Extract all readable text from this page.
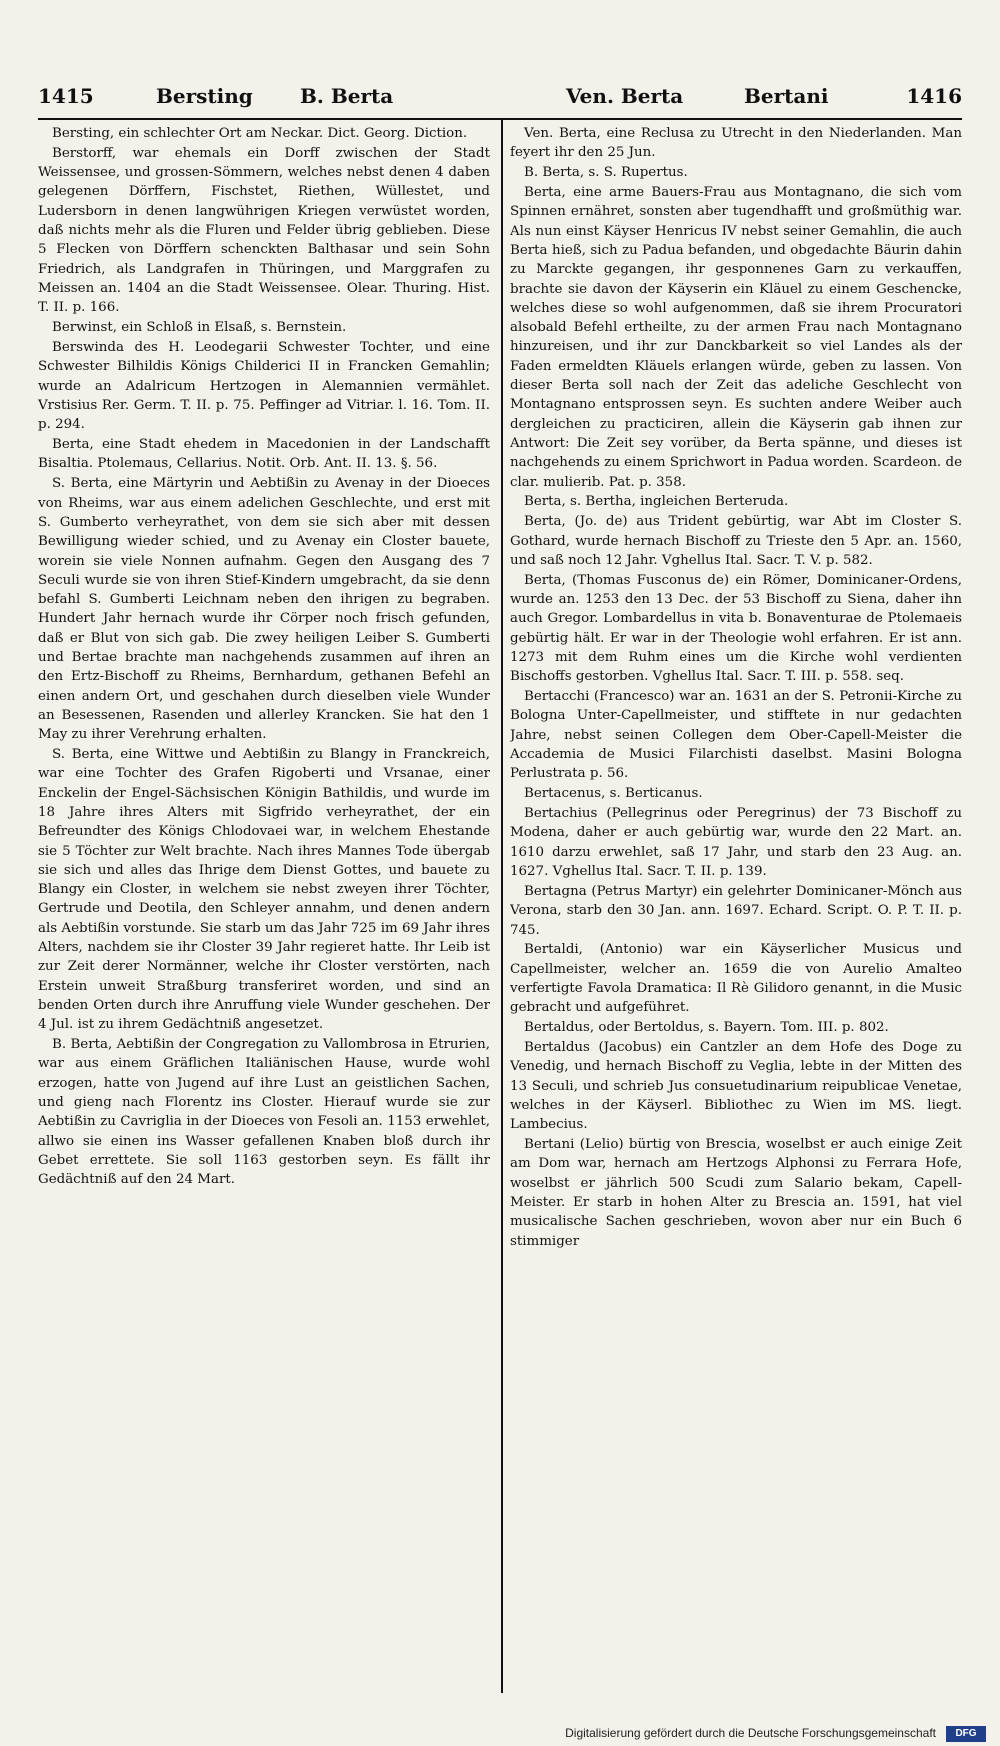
1415	Bersting B. Berta	Ven. Berta	Bertani	1416

Bersting, ein schlechter Ort am Neckar. Dict. Georg. Diction.

Berstorff, war ehemals ein Dorff zwischen der Stadt Weissensee, und grossen-Sömmern, welches nebst denen 4 daben gelegenen Dörffern, Fischstet, Riethen, Wüllestet, und Ludersborn in denen langwührigen Kriegen verwüstet worden, daß nichts mehr als die Fluren und Felder übrig geblieben. Diese 5 Flecken von Dörffern schenckten Balthasar und sein Sohn Friedrich, als Landgrafen in Thüringen, und Marggrafen zu Meissen an. 1404 an die Stadt Weissensee. Olear. Thuring. Hist. T. II. p. 166.

Berwinst, ein Schloß in Elsaß, s. Bernstein.

Berswinda des H. Leodegarii Schwester Tochter, und eine Schwester Bilhildis Königs Childerici II in Francken Gemahlin; wurde an Adalricum Hertzogen in Alemannien vermählet. Vrstisius Rer. Germ. T. II. p. 75. Peffinger ad Vitriar. l. 16. Tom. II. p. 294.

Berta, eine Stadt ehedem in Macedonien in der Landschafft Bisaltia. Ptolemaus, Cellarius. Notit. Orb. Ant. II. 13. §. 56.

S. Berta, eine Märtyrin und Aebtißin zu Avenay in der Dioeces von Rheims, war aus einem adelichen Geschlechte, und erst mit S. Gumberto verheyrathet, von dem sie sich aber mit dessen Bewilligung wieder schied, und zu Avenay ein Closter bauete, worein sie viele Nonnen aufnahm. Gegen den Ausgang des 7 Seculi wurde sie von ihren Stief-Kindern umgebracht, da sie denn befahl S. Gumberti Leichnam neben den ihrigen zu begraben. Hundert Jahr hernach wurde ihr Cörper noch frisch gefunden, daß er Blut von sich gab. Die zwey heiligen Leiber S. Gumberti und Bertae brachte man nachgehends zusammen auf ihren an den Ertz-Bischoff zu Rheims, Bernhardum, gethanen Befehl an einen andern Ort, und geschahen durch dieselben viele Wunder an Besessenen, Rasenden und allerley Krancken. Sie hat den 1 May zu ihrer Verehrung erhalten.

S. Berta, eine Wittwe und Aebtißin zu Blangy in Franckreich, war eine Tochter des Grafen Rigoberti und Vrsanae, einer Enckelin der Engel-Sächsischen Königin Bathildis, und wurde im 18 Jahre ihres Alters mit Sigfrido verheyrathet, der ein Befreundter des Königs Chlodovaei war, in welchem Ehestande sie 5 Töchter zur Welt brachte. Nach ihres Mannes Tode übergab sie sich und alles das Ihrige dem Dienst Gottes, und bauete zu Blangy ein Closter, in welchem sie nebst zweyen ihrer Töchter, Gertrude und Deotila, den Schleyer annahm, und denen andern als Aebtißin vorstunde. Sie starb um das Jahr 725 im 69 Jahr ihres Alters, nachdem sie ihr Closter 39 Jahr regieret hatte. Ihr Leib ist zur Zeit derer Normänner, welche ihr Closter verstörten, nach Erstein unweit Straßburg transferiret worden, und sind an benden Orten durch ihre Anruffung viele Wunder geschehen. Der 4 Jul. ist zu ihrem Gedächtniß angesetzet.

B. Berta, Aebtißin der Congregation zu Vallombrosa in Etrurien, war aus einem Gräflichen Italiänischen Hause, wurde wohl erzogen, hatte von Jugend auf ihre Lust an geistlichen Sachen, und gieng nach Florentz ins Closter. Hierauf wurde sie zur Aebtißin zu Cavriglia in der Dioeces von Fesoli an. 1153 erwehlet, allwo sie einen ins Wasser gefallenen Knaben bloß durch ihr Gebet errettete. Sie soll 1163 gestorben seyn. Es fällt ihr Gedächtniß auf den 24 Mart.

Ven. Berta, eine Reclusa zu Utrecht in den Niederlanden. Man feyert ihr den 25 Jun.

B. Berta, s. S. Rupertus.

Berta, eine arme Bauers-Frau aus Montagnano, die sich vom Spinnen ernähret, sonsten aber tugendhafft und großmüthig war. Als nun einst Käyser Henricus IV nebst seiner Gemahlin, die auch Berta hieß, sich zu Padua befanden, und obgedachte Bäurin dahin zu Marckte gegangen, ihr gesponnenes Garn zu verkauffen, brachte sie davon der Käyserin ein Kläuel zu einem Geschencke, welches diese so wohl aufgenommen, daß sie ihrem Procuratori alsobald Befehl ertheilte, zu der armen Frau nach Montagnano hinzureisen, und ihr zur Danckbarkeit so viel Landes als der Faden ermeldten Kläuels erlangen würde, geben zu lassen. Von dieser Berta soll nach der Zeit das adeliche Geschlecht von Montagnano entsprossen seyn. Es suchten andere Weiber auch dergleichen zu practiciren, allein die Käyserin gab ihnen zur Antwort: Die Zeit sey vorüber, da Berta spänne, und dieses ist nachgehends zu einem Sprichwort in Padua worden. Scardeon. de clar. mulierib. Pat. p. 358.

Berta, s. Bertha, ingleichen Berteruda.

Berta, (Jo. de) aus Trident gebürtig, war Abt im Closter S. Gothard, wurde hernach Bischoff zu Trieste den 5 Apr. an. 1560, und saß noch 12 Jahr. Vghellus Ital. Sacr. T. V. p. 582.

Berta, (Thomas Fusconus de) ein Römer, Dominicaner-Ordens, wurde an. 1253 den 13 Dec. der 53 Bischoff zu Siena, daher ihn auch Gregor. Lombardellus in vita b. Bonaventurae de Ptolemaeis gebürtig hält. Er war in der Theologie wohl erfahren. Er ist ann. 1273 mit dem Ruhm eines um die Kirche wohl verdienten Bischoffs gestorben. Vghellus Ital. Sacr. T. III. p. 558. seq.

Bertacchi (Francesco) war an. 1631 an der S. Petronii-Kirche zu Bologna Unter-Capellmeister, und stifftete in nur gedachten Jahre, nebst seinen Collegen dem Ober-Capell-Meister die Accademia de Musici Filarchisti daselbst. Masini Bologna Perlustrata p. 56.

Bertacenus, s. Berticanus.

Bertachius (Pellegrinus oder Peregrinus) der 73 Bischoff zu Modena, daher er auch gebürtig war, wurde den 22 Mart. an. 1610 darzu erwehlet, saß 17 Jahr, und starb den 23 Aug. an. 1627. Vghellus Ital. Sacr. T. II. p. 139.

Bertagna (Petrus Martyr) ein gelehrter Dominicaner-Mönch aus Verona, starb den 30 Jan. ann. 1697. Echard. Script. O. P. T. II. p. 745.

Bertaldi, (Antonio) war ein Käyserlicher Musicus und Capellmeister, welcher an. 1659 die von Aurelio Amalteo verfertigte Favola Dramatica: Il Rè Gilidoro genannt, in die Music gebracht und aufgeführet.

Bertaldus, oder Bertoldus, s. Bayern. Tom. III. p. 802.

Bertaldus (Jacobus) ein Cantzler an dem Hofe des Doge zu Venedig, und hernach Bischoff zu Veglia, lebte in der Mitten des 13 Seculi, und schrieb Jus consuetudinarium reipublicae Venetae, welches in der Käyserl. Bibliothec zu Wien im MS. liegt. Lambecius.

Bertani (Lelio) bürtig von Brescia, woselbst er auch einige Zeit am Dom war, hernach am Hertzogs Alphonsi zu Ferrara Hofe, woselbst er jährlich 500 Scudi zum Salario bekam, Capell-Meister. Er starb in hohen Alter zu Brescia an. 1591, hat viel musicalische Sachen geschrieben, wovon aber nur ein Buch 6 stimmiger

Digitalisierung gefördert durch die Deutsche Forschungsgemeinschaft	DFG
